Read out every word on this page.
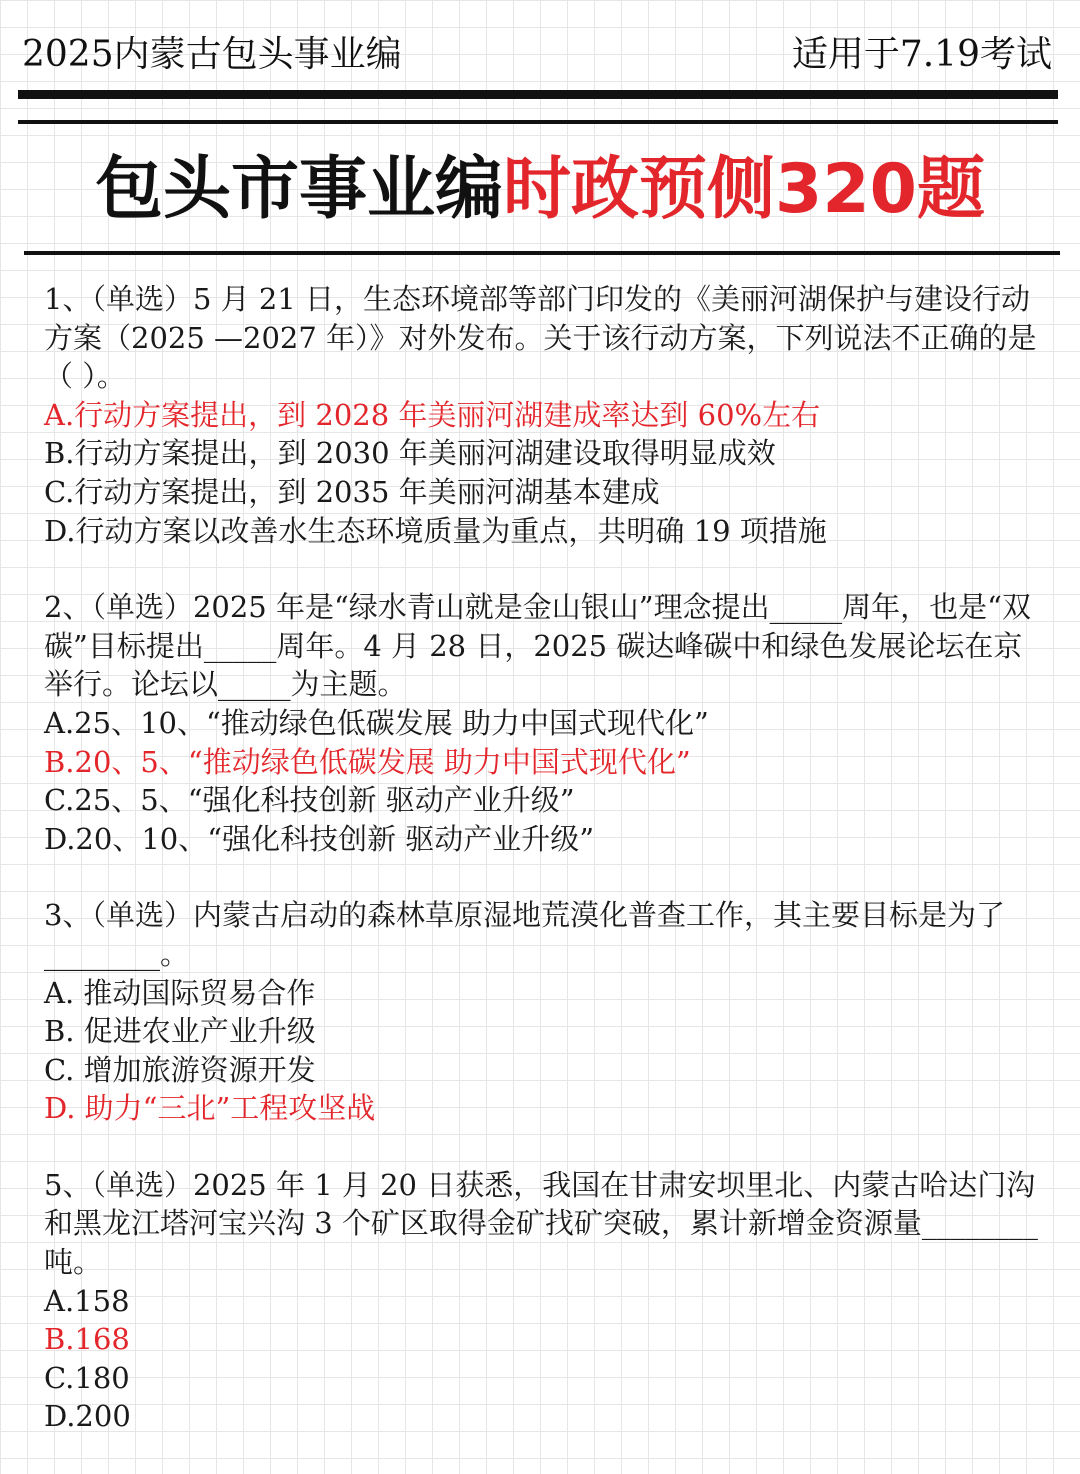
2025内蒙古包头事业编	适用于7.19考试
包头市事业编时政预侧320题

1、（单选）5 月 21 日，生态环境部等部门印发的《美丽河湖保护与建设行动方案（2025 —2027 年）》对外发布。关于该行动方案，下列说法不正确的是（ ）。

A.行动方案提出，到 2028 年美丽河湖建成率达到 60%左右

B.行动方案提出，到 2030 年美丽河湖建设取得明显成效

C.行动方案提出，到 2035 年美丽河湖基本建成

D.行动方案以改善水生态环境质量为重点，共明确 19 项措施

2、（单选）2025 年是“绿水青山就是金山银山”理念提出_____周年，也是“双碳”目标提出_____周年。4 月 28 日，2025 碳达峰碳中和绿色发展论坛在京举行。论坛以_____为主题。

A.25、10、“推动绿色低碳发展 助力中国式现代化”

B.20、5、“推动绿色低碳发展 助力中国式现代化”

C.25、5、“强化科技创新 驱动产业升级”

D.20、10、“强化科技创新 驱动产业升级”

3、（单选）内蒙古启动的森林草原湿地荒漠化普查工作，其主要目标是为了________。

A. 推动国际贸易合作

B. 促进农业产业升级

C. 增加旅游资源开发

D. 助力“三北”工程攻坚战

5、（单选）2025 年 1 月 20 日获悉，我国在甘肃安坝里北、内蒙古哈达门沟和黑龙江塔河宝兴沟 3 个矿区取得金矿找矿突破，累计新增金资源量________吨。

A.158

B.168

C.180

D.200
